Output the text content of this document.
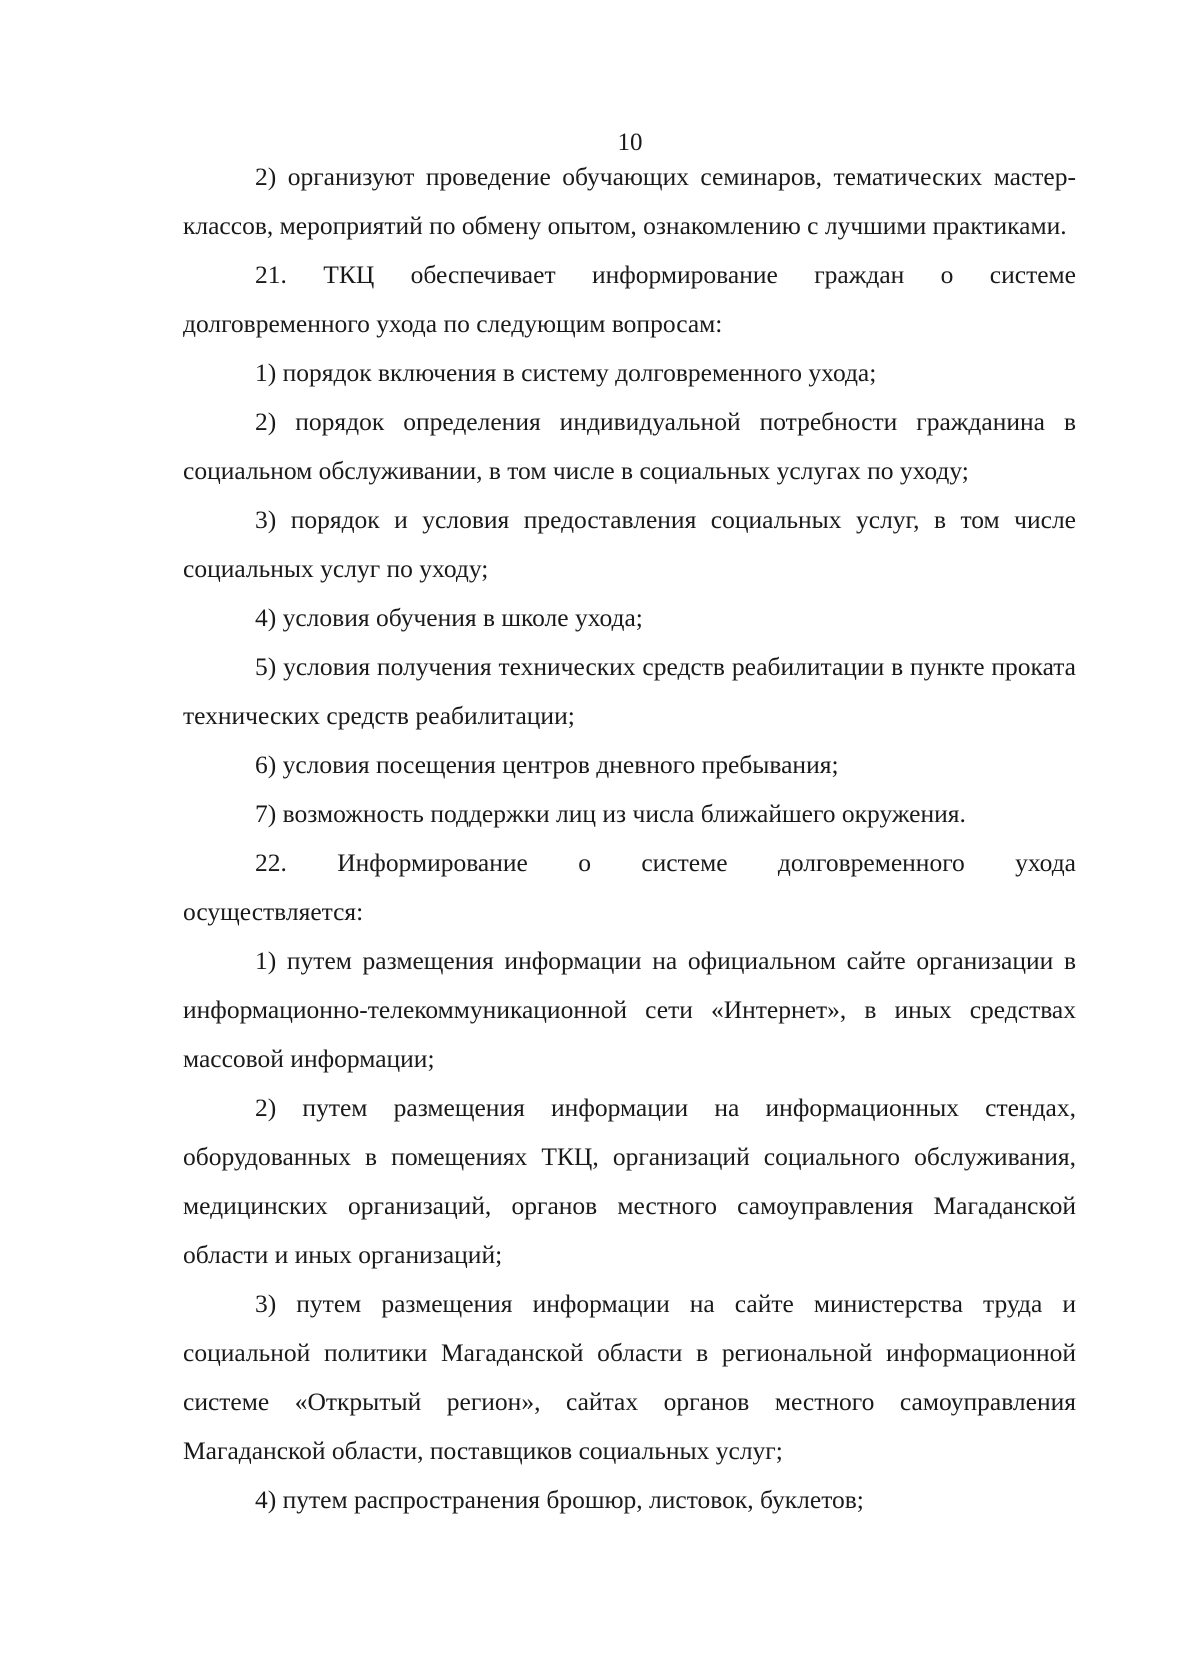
10

2) организуют проведение обучающих семинаров, тематических мастер-классов, мероприятий по обмену опытом, ознакомлению с лучшими практиками.

21. ТКЦ обеспечивает информирование граждан о системе долговременного ухода по следующим вопросам:

1) порядок включения в систему долговременного ухода;

2) порядок определения индивидуальной потребности гражданина в социальном обслуживании, в том числе в социальных услугах по уходу;

3) порядок и условия предоставления социальных услуг, в том числе социальных услуг по уходу;

4) условия обучения в школе ухода;

5) условия получения технических средств реабилитации в пункте проката технических средств реабилитации;

6) условия посещения центров дневного пребывания;

7) возможность поддержки лиц из числа ближайшего окружения.

22. Информирование о системе долговременного ухода осуществляется:

1) путем размещения информации на официальном сайте организации в информационно-телекоммуникационной сети «Интернет», в иных средствах массовой информации;

2) путем размещения информации на информационных стендах, оборудованных в помещениях ТКЦ, организаций социального обслуживания, медицинских организаций, органов местного самоуправления Магаданской области и иных организаций;

3) путем размещения информации на сайте министерства труда и социальной политики Магаданской области в региональной информационной системе «Открытый регион», сайтах органов местного самоуправления Магаданской области, поставщиков социальных услуг;

4) путем распространения брошюр, листовок, буклетов;
